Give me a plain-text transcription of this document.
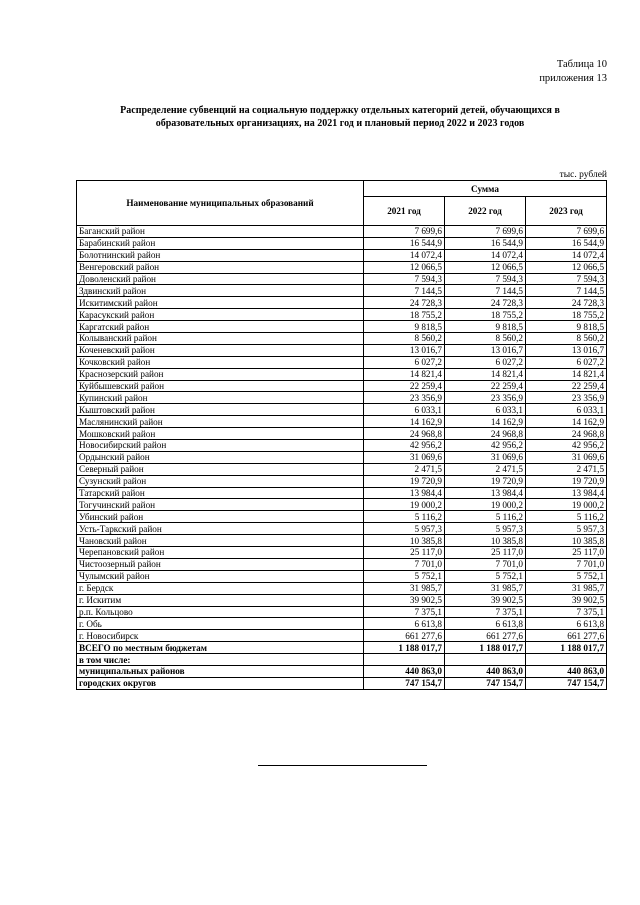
Таблица 10
приложения 13
Распределение субвенций на социальную поддержку отдельных категорий детей, обучающихся в
образовательных организациях, на 2021 год и плановый период 2022 и 2023 годов
тыс. рублей
Наименование муниципальных образований	Сумма		
	2021 год	2022 год	2023 год
Баганский район	7 699,6	7 699,6	7 699,6
Барабинский район	16 544,9	16 544,9	16 544,9
Болотнинский район	14 072,4	14 072,4	14 072,4
Венгеровский район	12 066,5	12 066,5	12 066,5
Доволенский район	7 594,3	7 594,3	7 594,3
Здвинский район	7 144,5	7 144,5	7 144,5
Искитимский район	24 728,3	24 728,3	24 728,3
Карасукский район	18 755,2	18 755,2	18 755,2
Каргатский район	9 818,5	9 818,5	9 818,5
Колыванский район	8 560,2	8 560,2	8 560,2
Коченевский район	13 016,7	13 016,7	13 016,7
Кочковский район	6 027,2	6 027,2	6 027,2
Краснозерский район	14 821,4	14 821,4	14 821,4
Куйбышевский район	22 259,4	22 259,4	22 259,4
Купинский район	23 356,9	23 356,9	23 356,9
Кыштовский район	6 033,1	6 033,1	6 033,1
Маслянинский район	14 162,9	14 162,9	14 162,9
Мошковский район	24 968,8	24 968,8	24 968,8
Новосибирский район	42 956,2	42 956,2	42 956,2
Ордынский район	31 069,6	31 069,6	31 069,6
Северный район	2 471,5	2 471,5	2 471,5
Сузунский район	19 720,9	19 720,9	19 720,9
Татарский район	13 984,4	13 984,4	13 984,4
Тогучинский район	19 000,2	19 000,2	19 000,2
Убинский район	5 116,2	5 116,2	5 116,2
Усть-Таркский район	5 957,3	5 957,3	5 957,3
Чановский район	10 385,8	10 385,8	10 385,8
Черепановский район	25 117,0	25 117,0	25 117,0
Чистоозерный район	7 701,0	7 701,0	7 701,0
Чулымский район	5 752,1	5 752,1	5 752,1
г. Бердск	31 985,7	31 985,7	31 985,7
г. Искитим	39 902,5	39 902,5	39 902,5
р.п. Кольцово	7 375,1	7 375,1	7 375,1
г. Обь	6 613,8	6 613,8	6 613,8
г. Новосибирск	661 277,6	661 277,6	661 277,6
ВСЕГО по местным бюджетам	1 188 017,7	1 188 017,7	1 188 017,7
в том числе:			
муниципальных районов	440 863,0	440 863,0	440 863,0
городских округов	747 154,7	747 154,7	747 154,7
